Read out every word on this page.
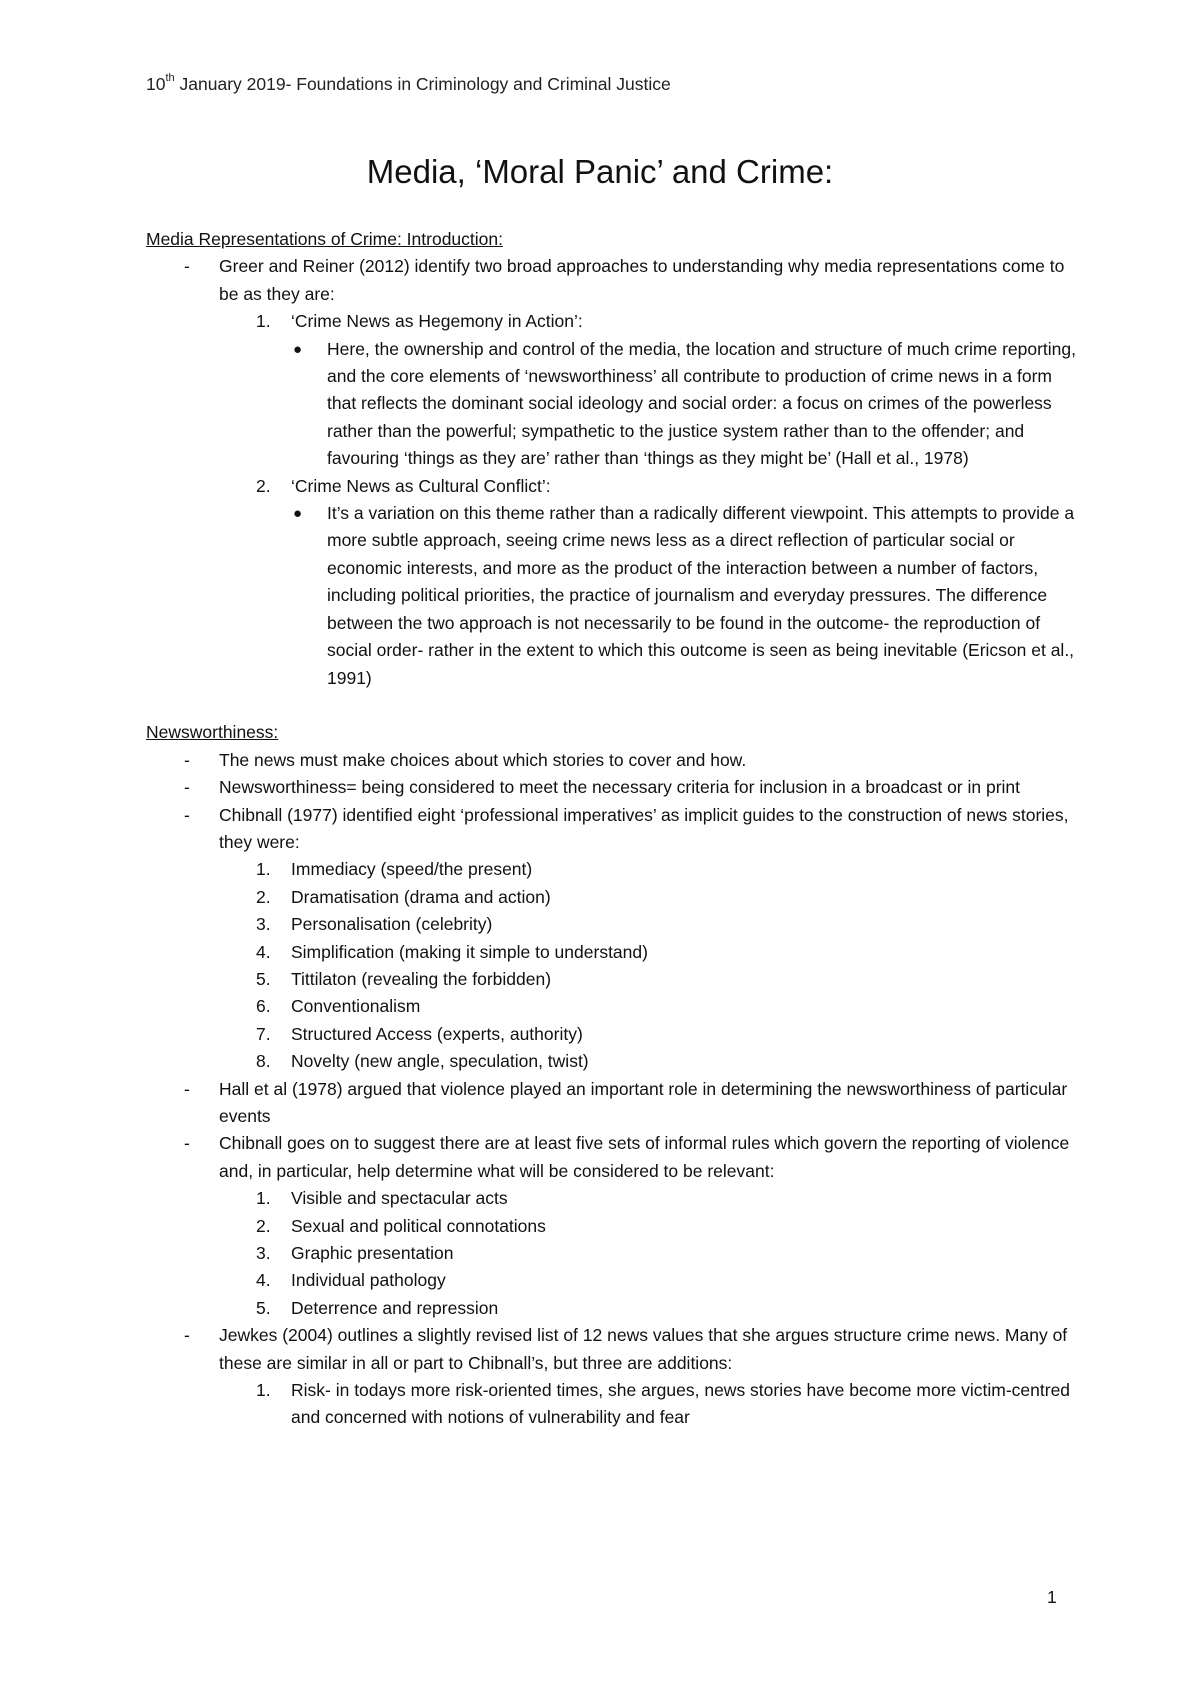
10th January 2019- Foundations in Criminology and Criminal Justice
Media, ‘Moral Panic’ and Crime:
Media Representations of Crime: Introduction:
- Greer and Reiner (2012) identify two broad approaches to understanding why media representations come to be as they are:
1. ‘Crime News as Hegemony in Action’:
● Here, the ownership and control of the media, the location and structure of much crime reporting, and the core elements of ‘newsworthiness’ all contribute to production of crime news in a form that reflects the dominant social ideology and social order: a focus on crimes of the powerless rather than the powerful; sympathetic to the justice system rather than to the offender; and favouring ‘things as they are’ rather than ‘things as they might be’ (Hall et al., 1978)
2. ‘Crime News as Cultural Conflict’:
● It’s a variation on this theme rather than a radically different viewpoint. This attempts to provide a more subtle approach, seeing crime news less as a direct reflection of particular social or economic interests, and more as the product of the interaction between a number of factors, including political priorities, the practice of journalism and everyday pressures. The difference between the two approach is not necessarily to be found in the outcome- the reproduction of social order- rather in the extent to which this outcome is seen as being inevitable (Ericson et al., 1991)
Newsworthiness:
- The news must make choices about which stories to cover and how.
- Newsworthiness= being considered to meet the necessary criteria for inclusion in a broadcast or in print
- Chibnall (1977) identified eight ‘professional imperatives’ as implicit guides to the construction of news stories, they were:
1. Immediacy (speed/the present)
2. Dramatisation (drama and action)
3. Personalisation (celebrity)
4. Simplification (making it simple to understand)
5. Tittilaton (revealing the forbidden)
6. Conventionalism
7. Structured Access (experts, authority)
8. Novelty (new angle, speculation, twist)
- Hall et al (1978) argued that violence played an important role in determining the newsworthiness of particular events
- Chibnall goes on to suggest there are at least five sets of informal rules which govern the reporting of violence and, in particular, help determine what will be considered to be relevant:
1. Visible and spectacular acts
2. Sexual and political connotations
3. Graphic presentation
4. Individual pathology
5. Deterrence and repression
- Jewkes (2004) outlines a slightly revised list of 12 news values that she argues structure crime news. Many of these are similar in all or part to Chibnall’s, but three are additions:
1. Risk- in todays more risk-oriented times, she argues, news stories have become more victim-centred and concerned with notions of vulnerability and fear
1
